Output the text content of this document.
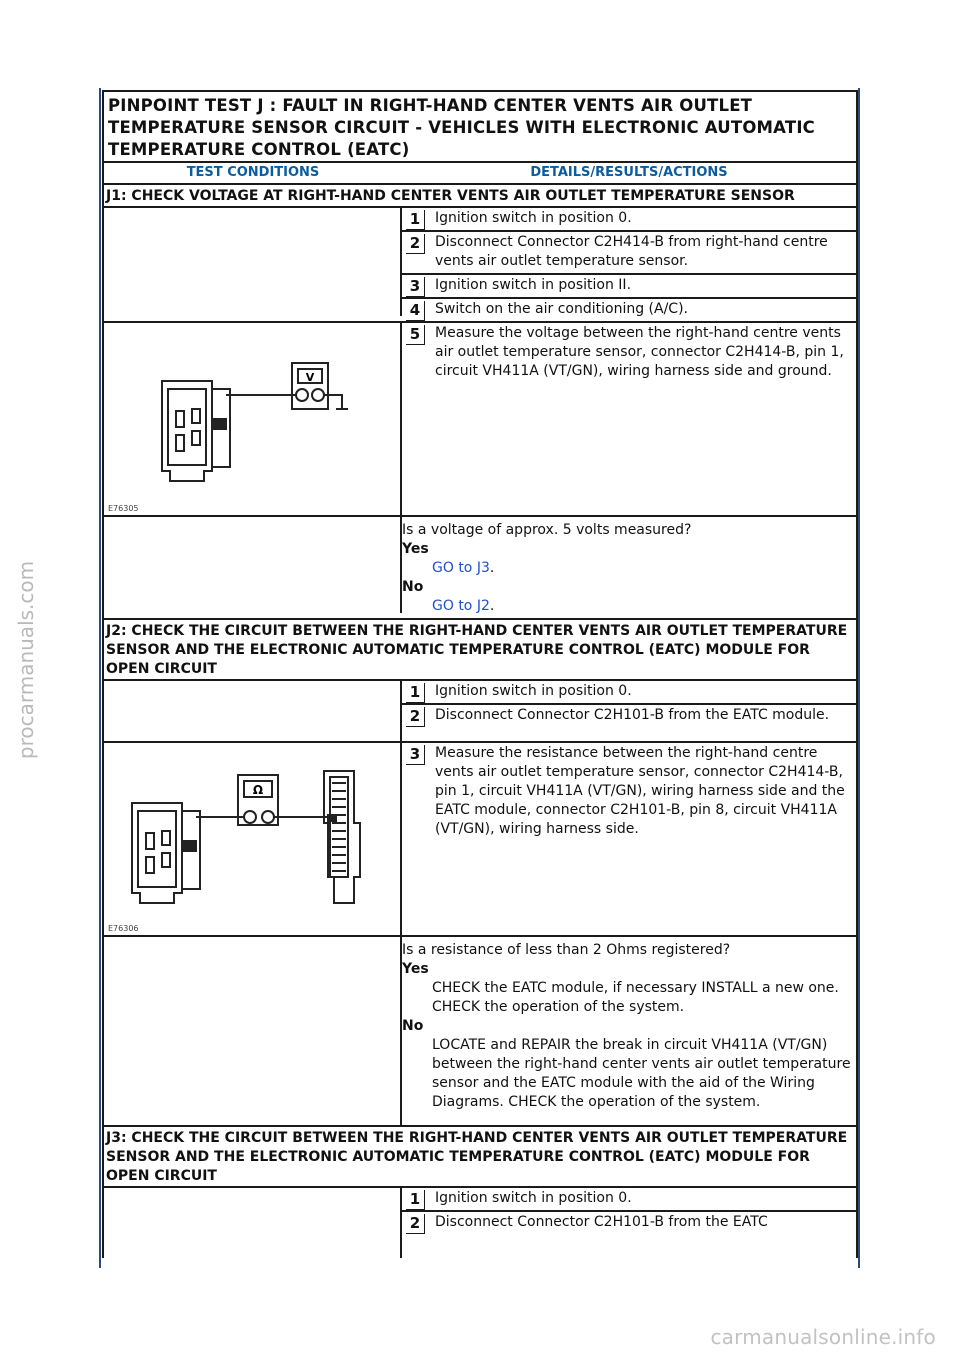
procarmanuals.com
carmanualsonline.info
PINPOINT TEST J : FAULT IN RIGHT-HAND CENTER VENTS AIR OUTLET TEMPERATURE SENSOR CIRCUIT - VEHICLES WITH ELECTRONIC AUTOMATIC TEMPERATURE CONTROL (EATC)
TEST CONDITIONS	DETAILS/RESULTS/ACTIONS
J1: CHECK VOLTAGE AT RIGHT-HAND CENTER VENTS AIR OUTLET TEMPERATURE SENSOR
1	Ignition switch in position 0.
2	Disconnect Connector C2H414-B from right-hand centre vents air outlet temperature sensor.
3	Ignition switch in position II.
4	Switch on the air conditioning (A/C).
V
E76305
5	Measure the voltage between the right-hand centre vents air outlet temperature sensor, connector C2H414-B, pin 1, circuit VH411A (VT/GN), wiring harness side and ground.
Is a voltage of approx. 5 volts measured?
Yes
GO to J3.
No
GO to J2.
J2: CHECK THE CIRCUIT BETWEEN THE RIGHT-HAND CENTER VENTS AIR OUTLET TEMPERATURE SENSOR AND THE ELECTRONIC AUTOMATIC TEMPERATURE CONTROL (EATC) MODULE FOR OPEN CIRCUIT
1	Ignition switch in position 0.
2	Disconnect Connector C2H101-B from the EATC module.
Ω
E76306
3	Measure the resistance between the right-hand centre vents air outlet temperature sensor, connector C2H414-B, pin 1, circuit VH411A (VT/GN), wiring harness side and the EATC module, connector C2H101-B, pin 8, circuit VH411A (VT/GN), wiring harness side.
Is a resistance of less than 2 Ohms registered?
Yes
CHECK the EATC module, if necessary INSTALL a new one. CHECK the operation of the system.
No
LOCATE and REPAIR the break in circuit VH411A (VT/GN) between the right-hand center vents air outlet temperature sensor and the EATC module with the aid of the Wiring Diagrams. CHECK the operation of the system.
J3: CHECK THE CIRCUIT BETWEEN THE RIGHT-HAND CENTER VENTS AIR OUTLET TEMPERATURE SENSOR AND THE ELECTRONIC AUTOMATIC TEMPERATURE CONTROL (EATC) MODULE FOR OPEN CIRCUIT
1	Ignition switch in position 0.
2	Disconnect Connector C2H101-B from the EATC
